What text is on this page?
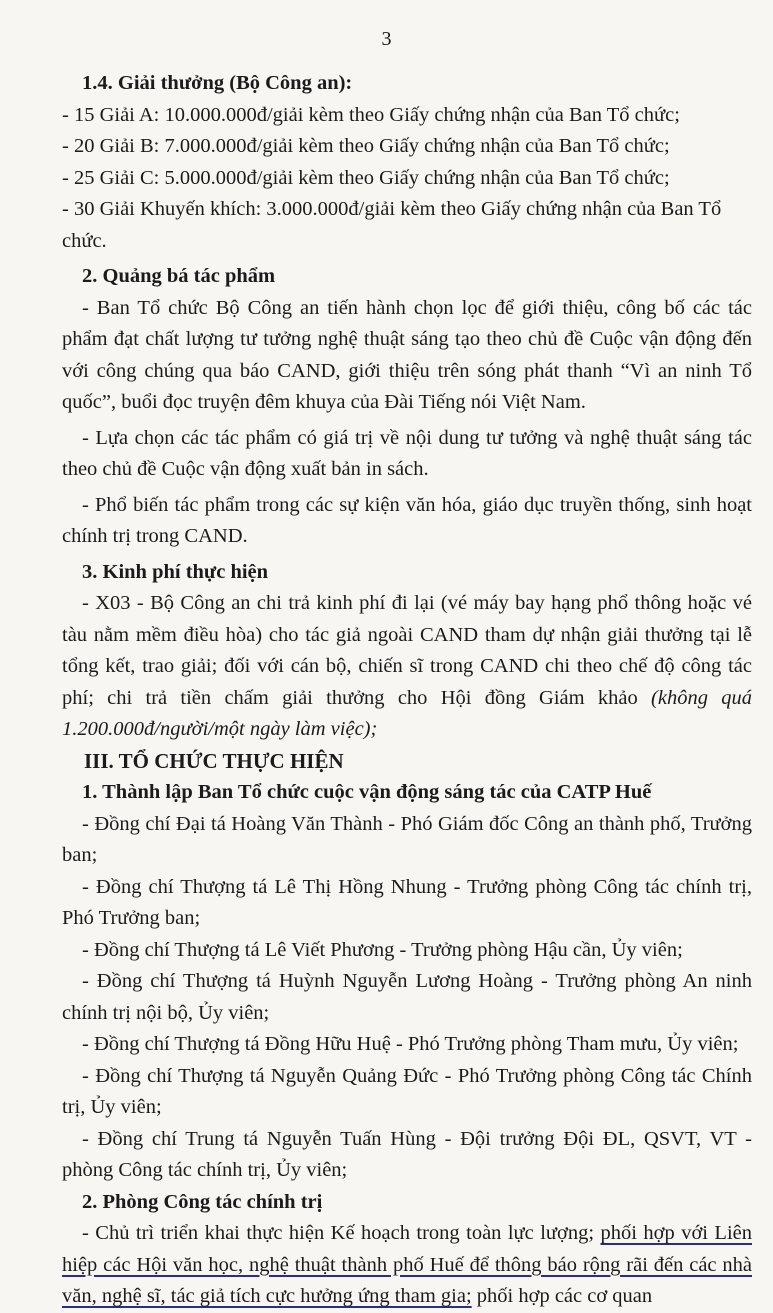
3

1.4. Giải thưởng (Bộ Công an):

- 15 Giải A: 10.000.000đ/giải kèm theo Giấy chứng nhận của Ban Tổ chức;

- 20 Giải B: 7.000.000đ/giải kèm theo Giấy chứng nhận của Ban Tổ chức;

- 25 Giải C: 5.000.000đ/giải kèm theo Giấy chứng nhận của Ban Tổ chức;

- 30 Giải Khuyến khích: 3.000.000đ/giải kèm theo Giấy chứng nhận của Ban Tổ chức.

2. Quảng bá tác phẩm

- Ban Tổ chức Bộ Công an tiến hành chọn lọc để giới thiệu, công bố các tác phẩm đạt chất lượng tư tưởng nghệ thuật sáng tạo theo chủ đề Cuộc vận động đến với công chúng qua báo CAND, giới thiệu trên sóng phát thanh “Vì an ninh Tổ quốc”, buổi đọc truyện đêm khuya của Đài Tiếng nói Việt Nam.

- Lựa chọn các tác phẩm có giá trị về nội dung tư tưởng và nghệ thuật sáng tác theo chủ đề Cuộc vận động xuất bản in sách.

- Phổ biến tác phẩm trong các sự kiện văn hóa, giáo dục truyền thống, sinh hoạt chính trị trong CAND.

3. Kinh phí thực hiện

- X03 - Bộ Công an chi trả kinh phí đi lại (vé máy bay hạng phổ thông hoặc vé tàu nằm mềm điều hòa) cho tác giả ngoài CAND tham dự nhận giải thưởng tại lễ tổng kết, trao giải; đối với cán bộ, chiến sĩ trong CAND chi theo chế độ công tác phí; chi trả tiền chấm giải thưởng cho Hội đồng Giám khảo (không quá 1.200.000đ/người/một ngày làm việc);

III. TỔ CHỨC THỰC HIỆN

1. Thành lập Ban Tổ chức cuộc vận động sáng tác của CATP Huế

- Đồng chí Đại tá Hoàng Văn Thành - Phó Giám đốc Công an thành phố, Trưởng ban;

- Đồng chí Thượng tá Lê Thị Hồng Nhung - Trưởng phòng Công tác chính trị, Phó Trưởng ban;

- Đồng chí Thượng tá Lê Viết Phương - Trưởng phòng Hậu cần, Ủy viên;

- Đồng chí Thượng tá Huỳnh Nguyễn Lương Hoàng - Trưởng phòng An ninh chính trị nội bộ, Ủy viên;

- Đồng chí Thượng tá Đồng Hữu Huệ - Phó Trưởng phòng Tham mưu, Ủy viên;

- Đồng chí Thượng tá Nguyễn Quảng Đức - Phó Trưởng phòng Công tác Chính trị, Ủy viên;

- Đồng chí Trung tá Nguyễn Tuấn Hùng - Đội trưởng Đội ĐL, QSVT, VT - phòng Công tác chính trị, Ủy viên;

2. Phòng Công tác chính trị

- Chủ trì triển khai thực hiện Kế hoạch trong toàn lực lượng; phối hợp với Liên hiệp các Hội văn học, nghệ thuật thành phố Huế để thông báo rộng rãi đến các nhà văn, nghệ sĩ, tác giả tích cực hưởng ứng tham gia; phối hợp các cơ quan
